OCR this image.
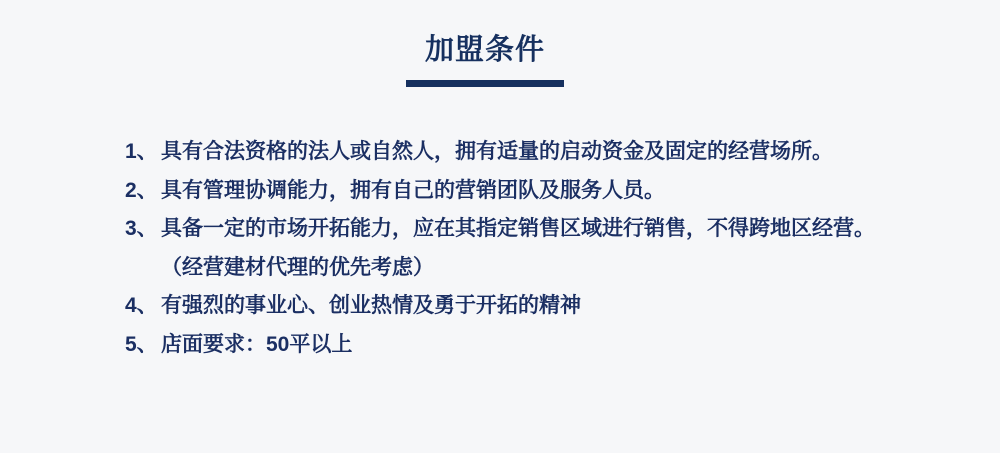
加盟条件
1、 具有合法资格的法人或自然人，拥有适量的启动资金及固定的经营场所。
2、 具有管理协调能力，拥有自己的营销团队及服务人员。
3、 具备一定的市场开拓能力，应在其指定销售区域进行销售，不得跨地区经营。
（经营建材代理的优先考虑）
4、 有强烈的事业心、创业热情及勇于开拓的精神
5、 店面要求：50平以上
